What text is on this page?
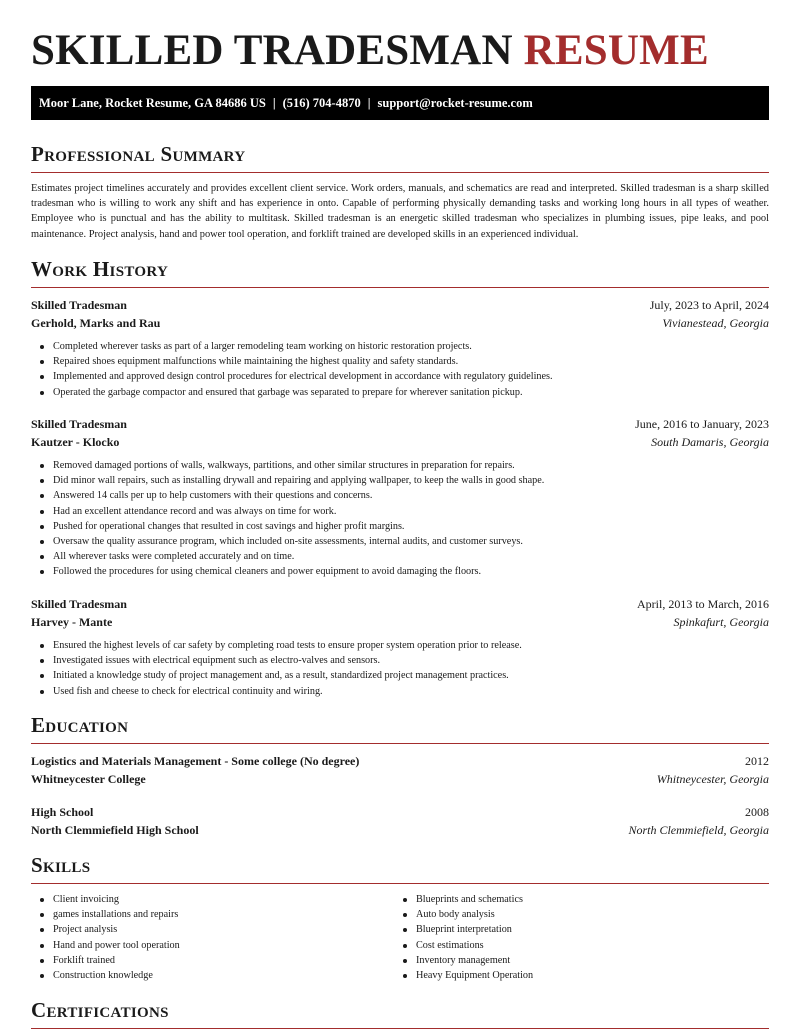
SKILLED TRADESMAN RESUME
Moor Lane, Rocket Resume, GA 84686 US | (516) 704-4870 | support@rocket-resume.com
Professional Summary

Estimates project timelines accurately and provides excellent client service. Work orders, manuals, and schematics are read and interpreted. Skilled tradesman is a sharp skilled tradesman who is willing to work any shift and has experience in onto. Capable of performing physically demanding tasks and working long hours in all types of weather. Employee who is punctual and has the ability to multitask. Skilled tradesman is an energetic skilled tradesman who specializes in plumbing issues, pipe leaks, and pool maintenance. Project analysis, hand and power tool operation, and forklift trained are developed skills in an experienced individual.

Work History
Skilled Tradesman	July, 2023 to April, 2024
Gerhold, Marks and Rau	Vivianestead, Georgia
Completed wherever tasks as part of a larger remodeling team working on historic restoration projects.
Repaired shoes equipment malfunctions while maintaining the highest quality and safety standards.
Implemented and approved design control procedures for electrical development in accordance with regulatory guidelines.
Operated the garbage compactor and ensured that garbage was separated to prepare for wherever sanitation pickup.
Skilled Tradesman	June, 2016 to January, 2023
Kautzer - Klocko	South Damaris, Georgia
Removed damaged portions of walls, walkways, partitions, and other similar structures in preparation for repairs.
Did minor wall repairs, such as installing drywall and repairing and applying wallpaper, to keep the walls in good shape.
Answered 14 calls per up to help customers with their questions and concerns.
Had an excellent attendance record and was always on time for work.
Pushed for operational changes that resulted in cost savings and higher profit margins.
Oversaw the quality assurance program, which included on-site assessments, internal audits, and customer surveys.
All wherever tasks were completed accurately and on time.
Followed the procedures for using chemical cleaners and power equipment to avoid damaging the floors.
Skilled Tradesman	April, 2013 to March, 2016
Harvey - Mante	Spinkafurt, Georgia
Ensured the highest levels of car safety by completing road tests to ensure proper system operation prior to release.
Investigated issues with electrical equipment such as electro-valves and sensors.
Initiated a knowledge study of project management and, as a result, standardized project management practices.
Used fish and cheese to check for electrical continuity and wiring.
Education
Logistics and Materials Management - Some college (No degree)	2012
Whitneycester College	Whitneycester, Georgia
High School	2008
North Clemmiefield High School	North Clemmiefield, Georgia
Skills
Client invoicing
games installations and repairs
Project analysis
Hand and power tool operation
Forklift trained
Construction knowledge
Blueprints and schematics
Auto body analysis
Blueprint interpretation
Cost estimations
Inventory management
Heavy Equipment Operation
Certifications
